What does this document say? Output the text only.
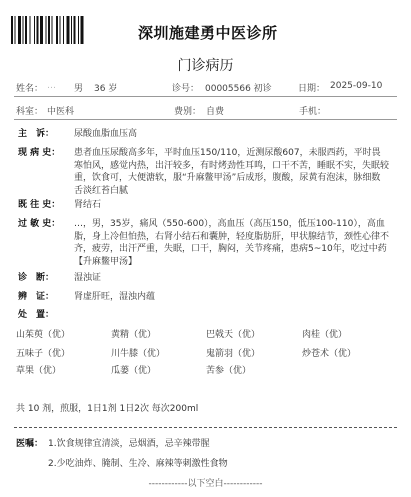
深圳施建勇中医诊所
门诊病历
姓名： … 男 36 岁	诊号： 00005566 初诊	日期： 2025-09-10
科室： 中医科	费别： 自费	手机：
主　诉： 尿酸血脂血压高
现 病 史： 患者血压尿酸高多年，平时血压150/110，近测尿酸607，未服西药，平时畏寒怕风，感觉内热，出汗较多，有时烤劲性耳鸣，口干不苦，睡眠不实，失眠较重，饮食可，大便溏软，服“升麻鳖甲汤”后成形，腹酸，尿黄有泡沫，脉细数舌淡红苔白腻
既 往 史： 肾结石
过 敏 史： …，男，35岁，痛风（550-600），高血压（高压150，低压100-110），高血脂，身上冷但怕热，右肾小结石和囊肿，轻度脂肪肝，甲状腺结节，颈性心律不齐，疲劳，出汗严重，失眠，口干，胸闷，关节疼痛，患病5~10年，吃过中药【升麻鳖甲汤】
诊　断： 湿浊证
辨　证： 肾虚肝旺，湿浊内蕴
处　置：
山茱萸（优）	黄精（优）	巴戟天（优）	肉桂（优）
五味子（优）	川牛膝（优）	鬼箭羽（优）	炒苍术（优）
草果（优）	瓜蒌（优）	苦参（优）
共 10 剂，煎服，1日1剂 1日2次 每次200ml
医嘱： 1.饮食规律宜清淡，忌烟酒，忌辛辣带腥
2.少吃油炸、腌制、生冷、麻辣等刺激性食物
------------以下空白------------
